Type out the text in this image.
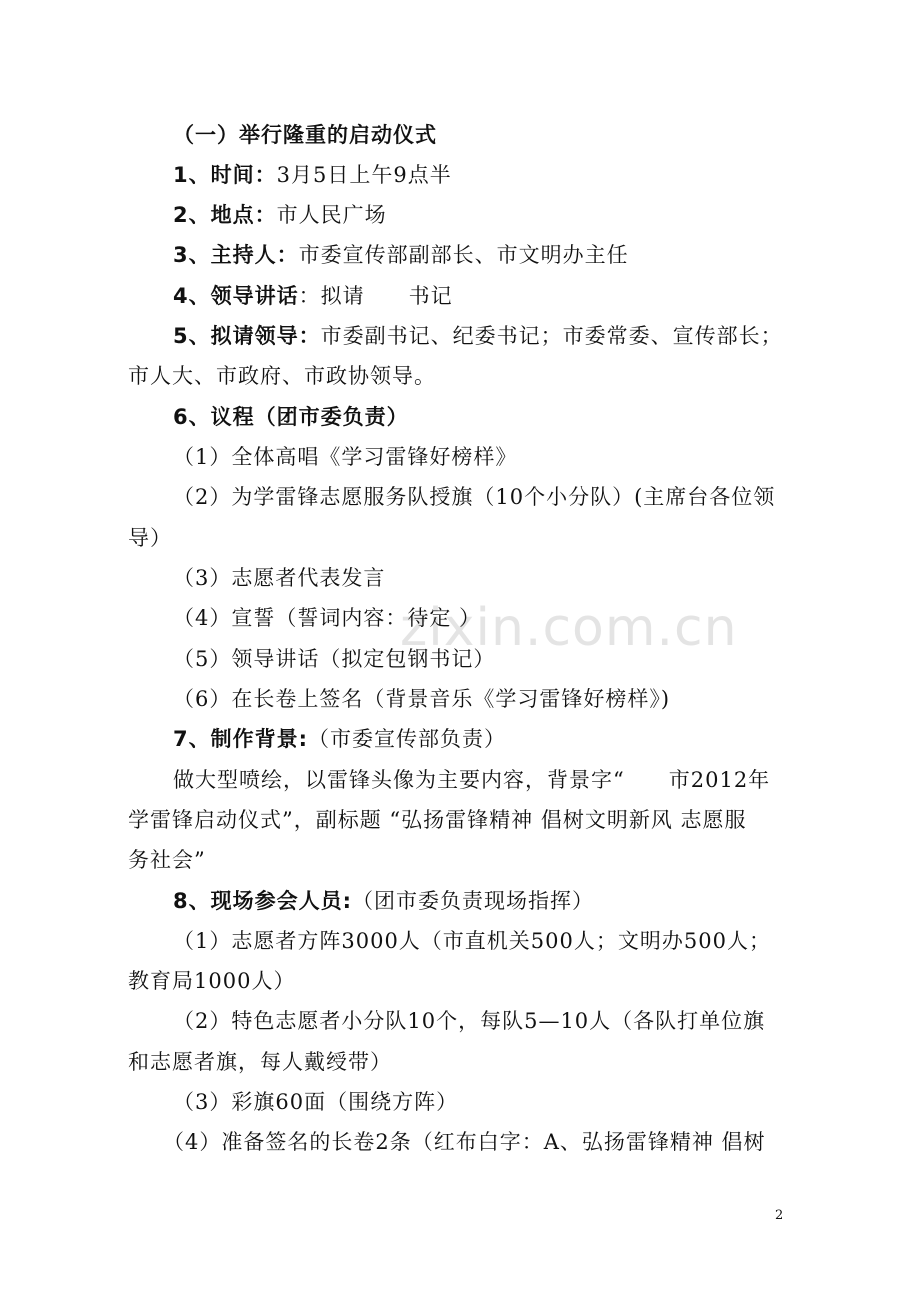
zixin.com.cn
（一）举行隆重的启动仪式
1、时间：3月5日上午9点半
2、地点：市人民广场
3、主持人：市委宣传部副部长、市文明办主任
4、领导讲话：拟请　　书记
5、拟请领导：市委副书记、纪委书记；市委常委、宣传部长；
市人大、市政府、市政协领导。
6、议程（团市委负责）
（1）全体高唱《学习雷锋好榜样》
（2）为学雷锋志愿服务队授旗（10个小分队）(主席台各位领
导）
（3）志愿者代表发言
（4）宣誓（誓词内容：待定 ）
（5）领导讲话（拟定包钢书记）
（6）在长卷上签名（背景音乐《学习雷锋好榜样》)
7、制作背景:（市委宣传部负责）
做大型喷绘，以雷锋头像为主要内容，背景字“　　市2012年
学雷锋启动仪式”，副标题 “弘扬雷锋精神 倡树文明新风 志愿服
务社会”
8、现场参会人员:（团市委负责现场指挥）
（1）志愿者方阵3000人（市直机关500人；文明办500人；
教育局1000人）
（2）特色志愿者小分队10个，每队5—10人（各队打单位旗
和志愿者旗，每人戴绶带）
（3）彩旗60面（围绕方阵）
（4）准备签名的长卷2条（红布白字：A、弘扬雷锋精神 倡树
2
